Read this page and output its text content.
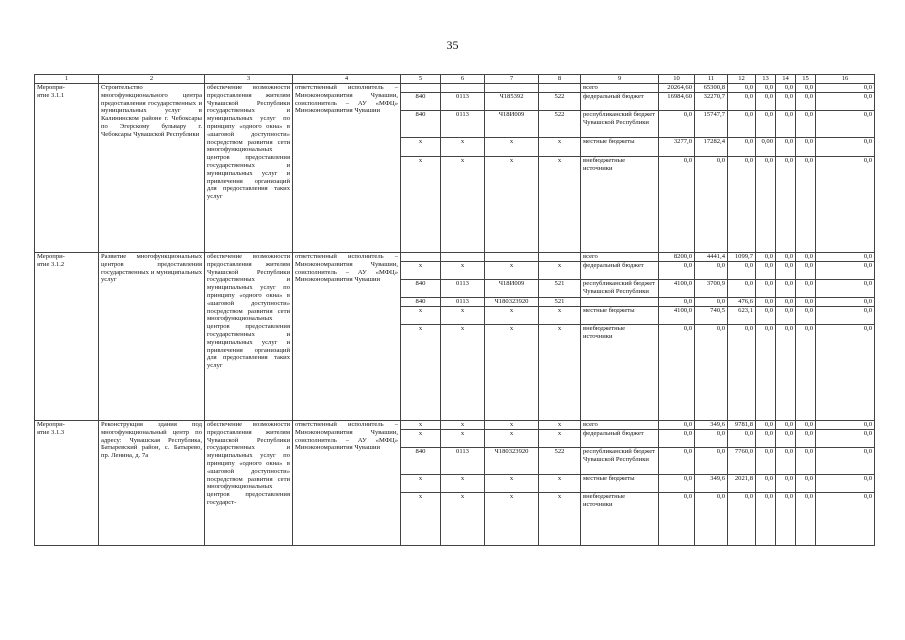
35
1	2	3	4	5	6	7	8	9	10	11	12	13	14	15	16
Меропри-
ятие 3.1.1	Строительство многофункционального центра предоставления государственных и муниципальных услуг в Калининском районе г. Чебоксары по Эгерскому бульвару г. Чебоксары Чувашской Республики	обеспечение возможности предоставления жителям Чувашской Республики государственных и муниципальных услуг по принципу «одного окна» в «шаговой доступности» посредством развития сети многофункциональных центров предоставления государственных и муниципальных услуг и привлечения организаций для предоставления таких услуг	ответственный исполнитель – Минэкономразвития Чувашии, соисполнитель – АУ «МФЦ» Минэкономразвития Чувашии					всего	20264,60	65300,8	0,0	0,0	0,0	0,0	0,0
				840	0113	Ч185392	522	федеральный бюджет	16984,60	32270,7	0,0	0,0	0,0	0,0	0,0
				840	0113	Ч18И009	522	республиканский бюджет Чувашской Республики	0,0	15747,7	0,0	0,0	0,0	0,0	0,0
				х	х	х	х	местные бюджеты	3277,0	17282,4	0,0	0,00	0,0	0,0	0,0
				х	х	х	х	внебюджетные источники	0,0	0,0	0,0	0,0	0,0	0,0	0,0
Меропри-
ятие 3.1.2	Развитие многофункциональных центров предоставления государственных и муниципальных услуг	обеспечение возможности предоставления жителям Чувашской Республики государственных и муниципальных услуг по принципу «одного окна» в «шаговой доступности» посредством развития сети многофункциональных центров предоставления государственных и муниципальных услуг и привлечения организаций для предоставления таких услуг	ответственный исполнитель – Минэкономразвития Чувашии, соисполнитель – АУ «МФЦ» Минэкономразвития Чувашии					всего	8200,0	4441,4	1099,7	0,0	0,0	0,0	0,0
				х	х	х	х	федеральный бюджет	0,0	0,0	0,0	0,0	0,0	0,0	0,0
				840	0113	Ч18И009	521	республиканский бюджет Чувашской Республики	4100,0	3700,9	0,0	0,0	0,0	0,0	0,0
				840	0113	Ч180323920	521		0,0	0,0	476,6	0,0	0,0	0,0	0,0
				х	х	х	х	местные бюджеты	4100,0	740,5	623,1	0,0	0,0	0,0	0,0
				х	х	х	х	внебюджетные источники	0,0	0,0	0,0	0,0	0,0	0,0	0,0
Меропри-
ятие 3.1.3	Реконструкция здания под многофункциональный центр по адресу: Чувашская Республика, Батыревский район, с. Батырево, пр. Ленина, д. 7а	обеспечение возможности предоставления жителям Чувашской Республики государственных и муниципальных услуг по принципу «одного окна» в «шаговой доступности» посредством развития сети многофункциональных центров предоставления государст-	ответственный исполнитель – Минэкономразвития Чувашии, соисполнитель – АУ «МФЦ» Минэкономразвития Чувашии	х	х	х	х	всего	0,0	349,6	9781,8	0,0	0,0	0,0	0,0
				х	х	х	х	федеральный бюджет	0,0	0,0	0,0	0,0	0,0	0,0	0,0
				840	0113	Ч180323920	522	республиканский бюджет Чувашской Республики	0,0	0,0	7760,0	0,0	0,0	0,0	0,0
				х	х	х	х	местные бюджеты	0,0	349,6	2021,8	0,0	0,0	0,0	0,0
				х	х	х	х	внебюджетные источники	0,0	0,0	0,0	0,0	0,0	0,0	0,0
